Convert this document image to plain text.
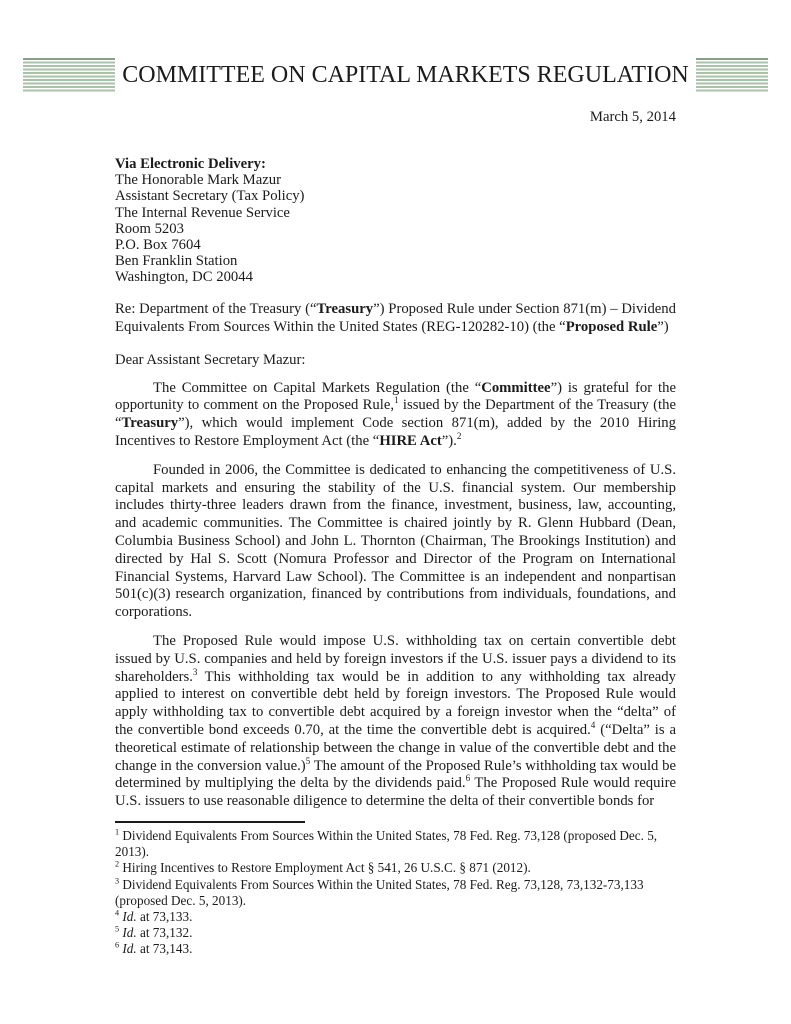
COMMITTEE ON CAPITAL MARKETS REGULATION
March 5, 2014
Via Electronic Delivery:
The Honorable Mark Mazur
Assistant Secretary (Tax Policy)
The Internal Revenue Service
Room 5203
P.O. Box 7604
Ben Franklin Station
Washington, DC 20044

Re: Department of the Treasury (“Treasury”) Proposed Rule under Section 871(m) – Dividend Equivalents From Sources Within the United States (REG-120282-10) (the “Proposed Rule”)

Dear Assistant Secretary Mazur:

The Committee on Capital Markets Regulation (the “Committee”) is grateful for the opportunity to comment on the Proposed Rule,$^1$ issued by the Department of the Treasury (the “Treasury”), which would implement Code section 871(m), added by the 2010 Hiring Incentives to Restore Employment Act (the “HIRE Act”).$^2$

Founded in 2006, the Committee is dedicated to enhancing the competitiveness of U.S. capital markets and ensuring the stability of the U.S. financial system. Our membership includes thirty-three leaders drawn from the finance, investment, business, law, accounting, and academic communities. The Committee is chaired jointly by R. Glenn Hubbard (Dean, Columbia Business School) and John L. Thornton (Chairman, The Brookings Institution) and directed by Hal S. Scott (Nomura Professor and Director of the Program on International Financial Systems, Harvard Law School). The Committee is an independent and nonpartisan 501(c)(3) research organization, financed by contributions from individuals, foundations, and corporations.

The Proposed Rule would impose U.S. withholding tax on certain convertible debt issued by U.S. companies and held by foreign investors if the U.S. issuer pays a dividend to its shareholders.$^3$ This withholding tax would be in addition to any withholding tax already applied to interest on convertible debt held by foreign investors. The Proposed Rule would apply withholding tax to convertible debt acquired by a foreign investor when the “delta” of the convertible bond exceeds 0.70, at the time the convertible debt is acquired.$^4$ (“Delta” is a theoretical estimate of relationship between the change in value of the convertible debt and the change in the conversion value.)$^5$ The amount of the Proposed Rule’s withholding tax would be determined by multiplying the delta by the dividends paid.$^6$ The Proposed Rule would require U.S. issuers to use reasonable diligence to determine the delta of their convertible bonds for

$^1$ Dividend Equivalents From Sources Within the United States, 78 Fed. Reg. 73,128 (proposed Dec. 5, 2013).
$^2$ Hiring Incentives to Restore Employment Act § 541, 26 U.S.C. § 871 (2012).
$^3$ Dividend Equivalents From Sources Within the United States, 78 Fed. Reg. 73,128, 73,132-73,133 (proposed Dec. 5, 2013).
$^4$ Id. at 73,133.
$^5$ Id. at 73,132.
$^6$ Id. at 73,143.
